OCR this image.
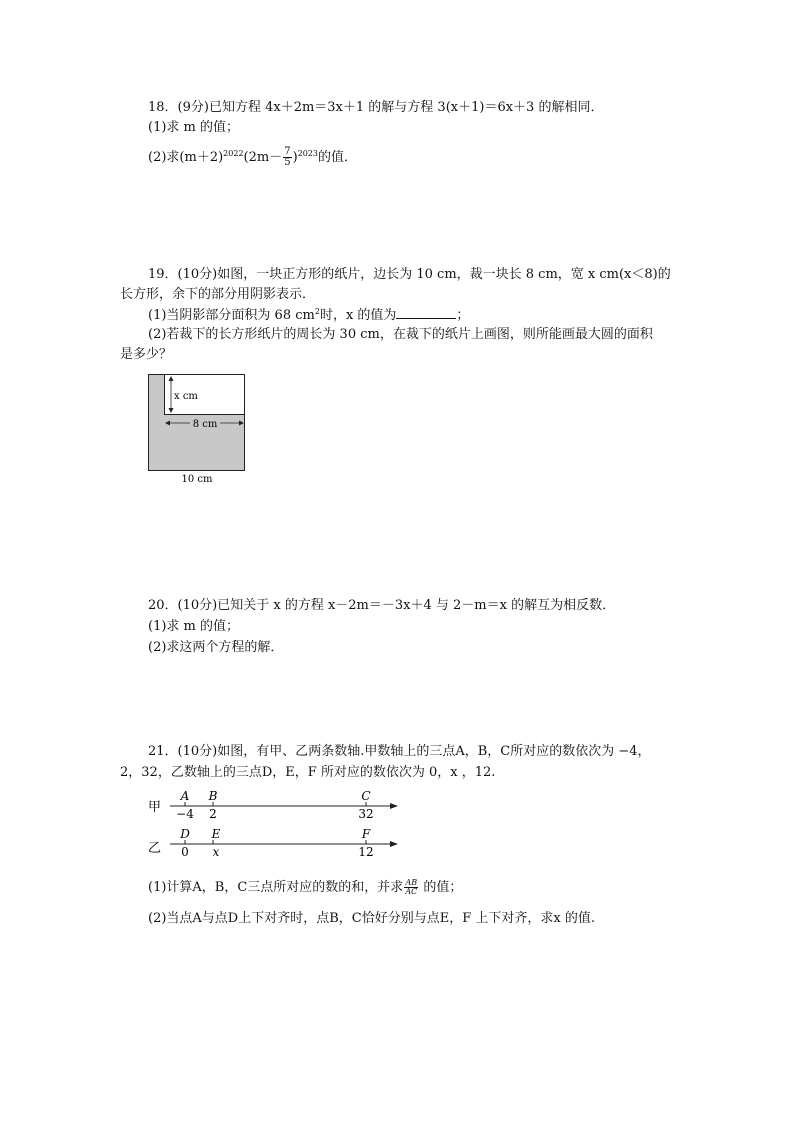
18．(9分)已知方程 4x＋2m＝3x＋1 的解与方程 3(x＋1)＝6x＋3 的解相同．
(1)求 m 的值；
(2)求$(m+2)^{2022}(2m- \frac{7}{5} )^{2023}$的值．
19．(10分)如图，一块正方形的纸片，边长为 10 cm，裁一块长 8 cm，宽 x cm(x＜8)的
长方形，余下的部分用阴影表示．
(1)当阴影部分面积为 68 $cm^2$时，x 的值为	；
(2)若裁下的长方形纸片的周长为 30 cm，在裁下的纸片上画图，则所能画最大圆的面积
是多少？
x cm
8 cm
10 cm
20．(10分)已知关于 x 的方程 x－2m＝－3x＋4 与 2－m＝x 的解互为相反数．
(1)求 m 的值；
(2)求这两个方程的解．
21．(10分)如图，有甲、乙两条数轴.甲数轴上的三点A，B，C所对应的数依次为 −4，
2，32，乙数轴上的三点D，E，F 所对应的数依次为 0，x ，12.
甲
A B	C
−4 2	32
乙
D E	F
0 x	12
(1)计算A，B，C三点所对应的数的和，并求 $\frac{AB}{AC}$ 的值；
(2)当点A与点D上下对齐时，点B，C恰好分别与点E，F 上下对齐，求x 的值.
